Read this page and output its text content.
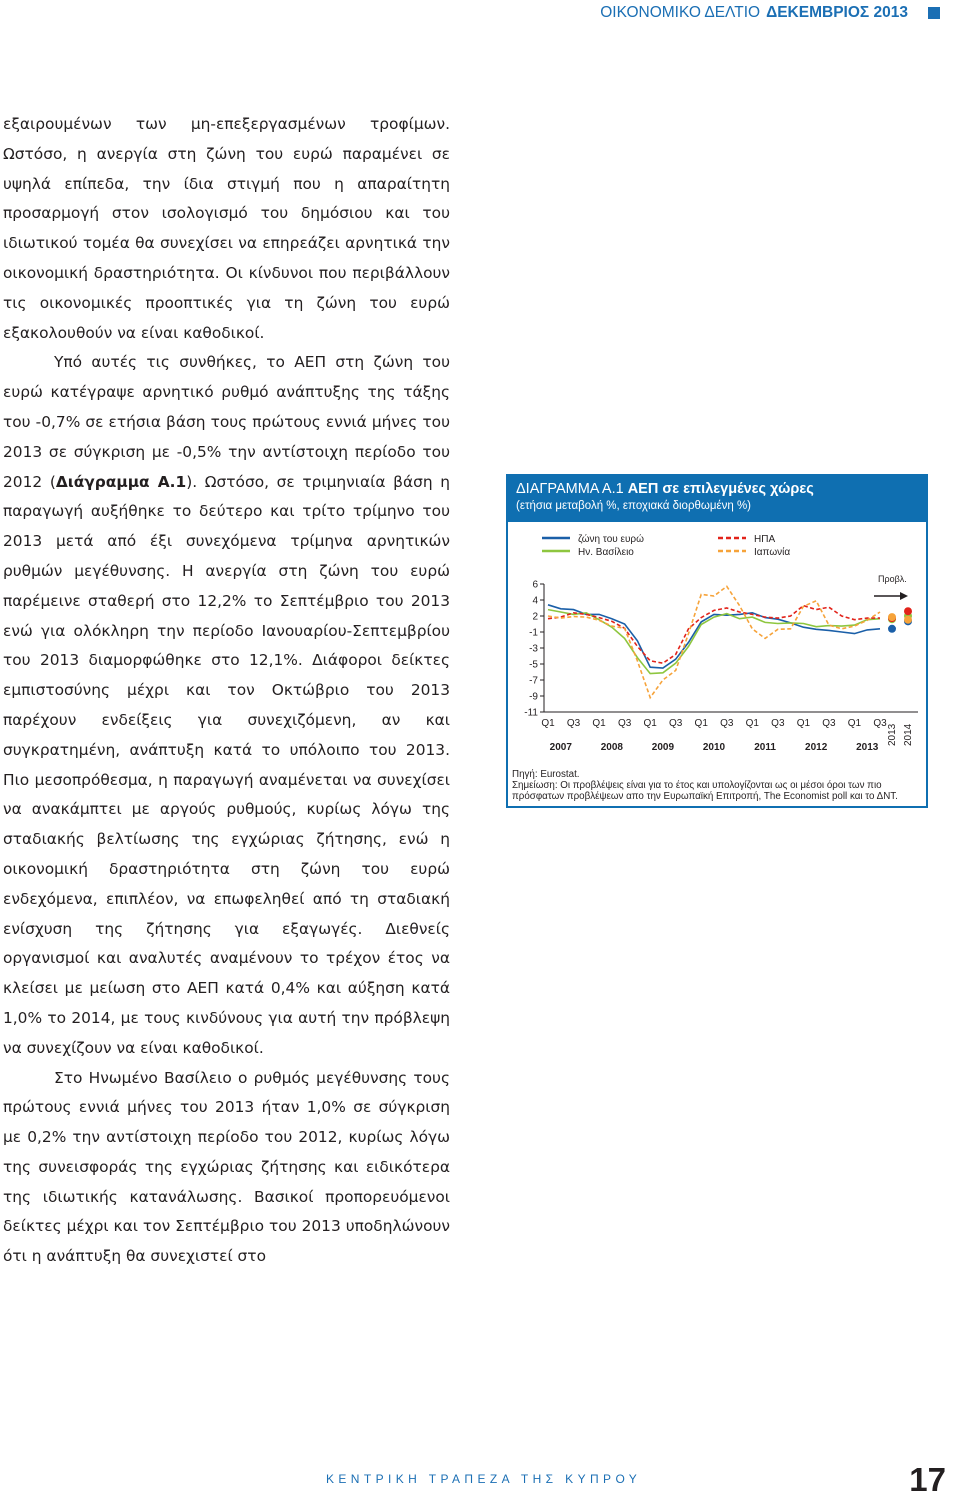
ΟΙΚΟΝΟΜΙΚΟ ΔΕΛΤΙΟ ΔΕΚΕΜΒΡΙΟΣ 2013

εξαιρουμένων των μη-επεξεργασμένων τροφίμων. Ωστόσο, η ανεργία στη ζώνη του ευρώ παραμένει σε υψηλά επίπεδα, την ίδια στιγμή που η απαραίτητη προσαρμογή στον ισολογισμό του δημόσιου και του ιδιωτικού τομέα θα συνεχίσει να επηρεάζει αρνητικά την οικονομική δραστηριότητα. Οι κίνδυνοι που περιβάλλουν τις οικονομικές προοπτικές για τη ζώνη του ευρώ εξακολουθούν να είναι καθοδικοί.

Υπό αυτές τις συνθήκες, το ΑΕΠ στη ζώνη του ευρώ κατέγραψε αρνητικό ρυθμό ανάπτυξης της τάξης του -0,7% σε ετήσια βάση τους πρώτους εννιά μήνες του 2013 σε σύγκριση με -0,5% την αντίστοιχη περίοδο του 2012 (Διάγραμμα Α.1). Ωστόσο, σε τριμηνιαία βάση η παραγωγή αυξήθηκε το δεύτερο και τρίτο τρίμηνο του 2013 μετά από έξι συνεχόμενα τρίμηνα αρνητικών ρυθμών μεγέθυνσης. Η ανεργία στη ζώνη του ευρώ παρέμεινε σταθερή στο 12,2% το Σεπτέμβριο του 2013 ενώ για ολόκληρη την περίοδο Ιανουαρίου-Σεπτεμβρίου του 2013 διαμορφώθηκε στο 12,1%. Διάφοροι δείκτες εμπιστοσύνης μέχρι και τον Οκτώβριο του 2013 παρέχουν ενδείξεις για συνεχιζόμενη, αν και συγκρατημένη, ανάπτυξη κατά το υπόλοιπο του 2013. Πιο μεσοπρόθεσμα, η παραγωγή αναμένεται να συνεχίσει να ανακάμπτει με αργούς ρυθμούς, κυρίως λόγω της σταδιακής βελτίωσης της εγχώριας ζήτησης, ενώ η οικονομική δραστηριότητα στη ζώνη του ευρώ ενδεχόμενα, επιπλέον, να επωφεληθεί από τη σταδιακή ενίσχυση της ζήτησης για εξαγωγές. Διεθνείς οργανισμοί και αναλυτές αναμένουν το τρέχον έτος να κλείσει με μείωση στο ΑΕΠ κατά 0,4% και αύξηση κατά 1,0% το 2014, με τους κινδύνους για αυτή την πρόβλεψη να συνεχίζουν να είναι καθοδικοί.

Στο Ηνωμένο Βασίλειο ο ρυθμός μεγέθυνσης τους πρώτους εννιά μήνες του 2013 ήταν 1,0% σε σύγκριση με 0,2% την αντίστοιχη περίοδο του 2012, κυρίως λόγω της συνεισφοράς της εγχώριας ζήτησης και ειδικότερα της ιδιωτικής κατανάλωσης. Βασικοί προπορευόμενοι δείκτες μέχρι και τον Σεπτέμβριο του 2013 υποδηλώνουν ότι η ανάπτυξη θα συνεχιστεί στο

ΔΙΑΓΡΑΜΜΑ Α.1 ΑΕΠ σε επιλεγμένες χώρες
(ετήσια μεταβολή %, εποχιακά διορθωμένη %)
6
4
2
-1
-3
-5
-7
-9
-11
Q1 Q3 Q1 Q3 Q1 Q3 Q1 Q3 Q1 Q3 Q1 Q3 Q1 Q3
2007	2008	2009	2010	2011	2012	2013
2013 2014
Προβλ.
ζώνη του ευρώ
Ην. Βασίλειο
ΗΠΑ
Ιαπωνία
Πηγή: Eurostat.
Σημείωση: Οι προβλέψεις είναι για το έτος και υπολογίζονται ως οι μέσοι όροι των πιο πρόσφατων προβλέψεων απο την Ευρωπαϊκή Επιτροπή, The Economist poll και το ΔΝΤ.
ΚΕΝΤΡΙΚΗ ΤΡΑΠΕΖΑ ΤΗΣ ΚΥΠΡΟΥ	17
